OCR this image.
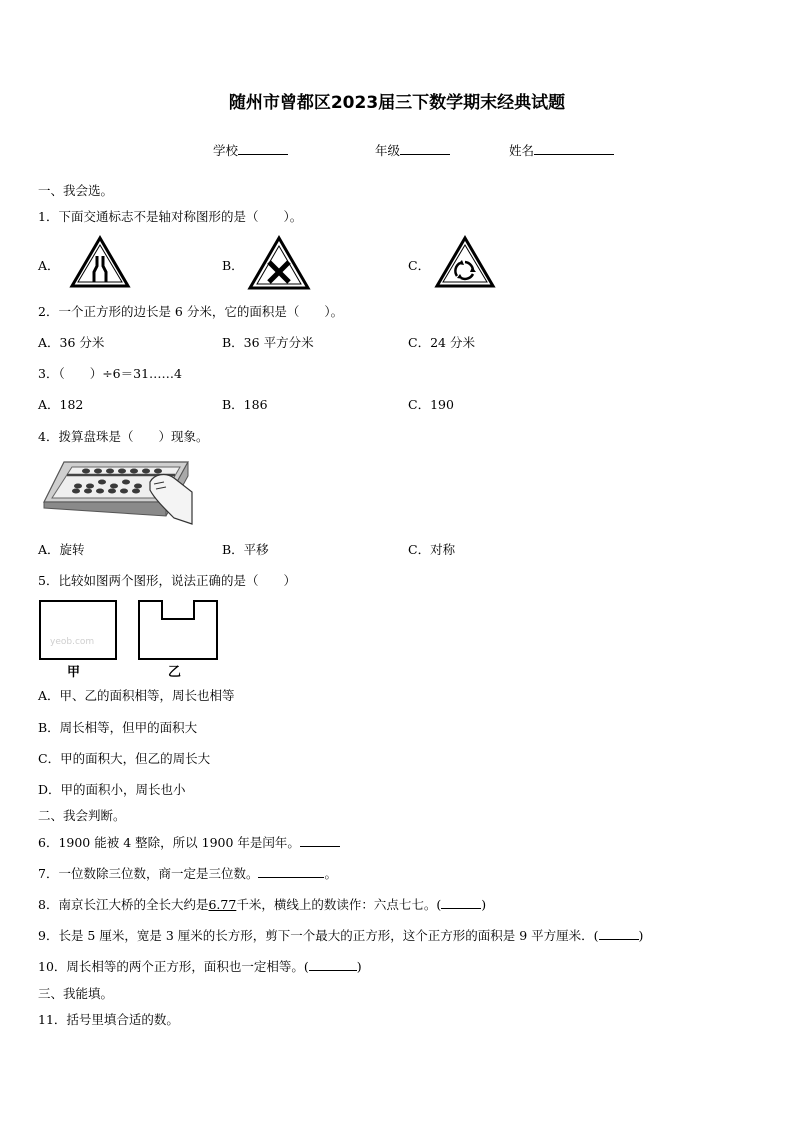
随州市曾都区2023届三下数学期末经典试题
学校	年级	姓名
一、我会选。
1．下面交通标志不是轴对称图形的是（　　）。
A．	B．	C．
2．一个正方形的边长是 6 分米，它的面积是（　　）。
A．36 分米	B．36 平方分米	C．24 分米
3．（　　）÷6＝31……4
A．182	B．186	C．190
4．拨算盘珠是（　　）现象。
A．旋转	B．平移	C．对称
5．比较如图两个图形，说法正确的是（　　）
yeob.com
甲	乙
A．甲、乙的面积相等，周长也相等
B．周长相等，但甲的面积大
C．甲的面积大，但乙的周长大
D．甲的面积小，周长也小
二、我会判断。
6．1900 能被 4 整除，所以 1900 年是闰年。
7．一位数除三位数，商一定是三位数。	。
8．南京长江大桥的全长大约是6.77千米，横线上的数读作：六点七七。(	)
9．长是 5 厘米，宽是 3 厘米的长方形，剪下一个最大的正方形，这个正方形的面积是 9 平方厘米．(	)
10．周长相等的两个正方形，面积也一定相等。(	)
三、我能填。
11．括号里填合适的数。
